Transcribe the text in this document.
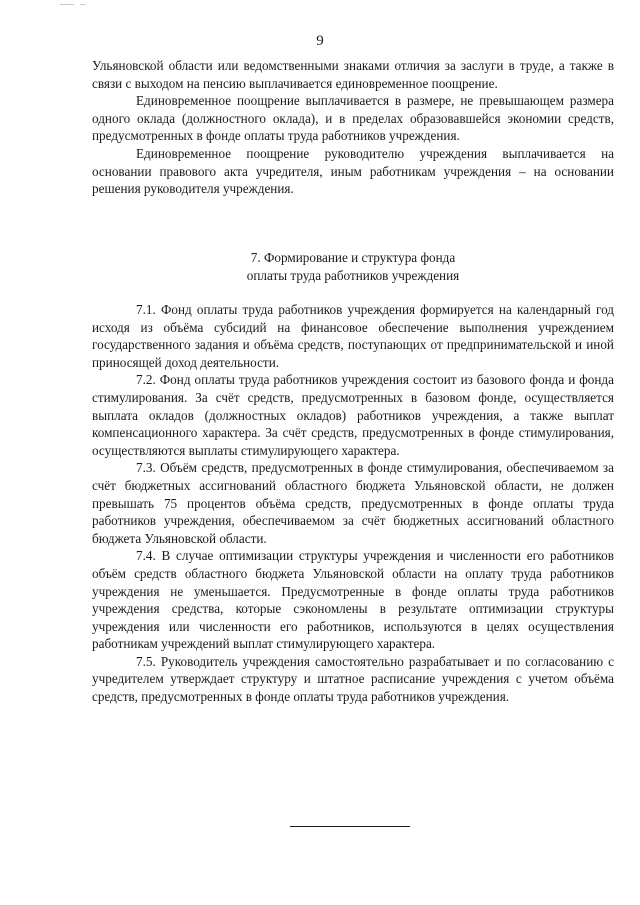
9

Ульяновской области или ведомственными знаками отличия за заслуги в труде, а также в связи с выходом на пенсию выплачивается единовременное поощрение.

Единовременное поощрение выплачивается в размере, не превышающем размера одного оклада (должностного оклада), и в пределах образовавшейся экономии средств, предусмотренных в фонде оплаты труда работников учреждения.

Единовременное поощрение руководителю учреждения выплачивается на основании правового акта учредителя, иным работникам учреждения – на основании решения руководителя учреждения.

7. Формирование и структура фонда
оплаты труда работников учреждения

7.1. Фонд оплаты труда работников учреждения формируется на календарный год исходя из объёма субсидий на финансовое обеспечение выполнения учреждением государственного задания и объёма средств, поступающих от предпринимательской и иной приносящей доход деятельности.

7.2. Фонд оплаты труда работников учреждения состоит из базового фонда и фонда стимулирования. За счёт средств, предусмотренных в базовом фонде, осуществляется выплата окладов (должностных окладов) работников учреждения, а также выплат компенсационного характера. За счёт средств, предусмотренных в фонде стимулирования, осуществляются выплаты стимулирующего характера.

7.3. Объём средств, предусмотренных в фонде стимулирования, обеспечиваемом за счёт бюджетных ассигнований областного бюджета Ульяновской области, не должен превышать 75 процентов объёма средств, предусмотренных в фонде оплаты труда работников учреждения, обеспечиваемом за счёт бюджетных ассигнований областного бюджета Ульяновской области.

7.4. В случае оптимизации структуры учреждения и численности его работников объём средств областного бюджета Ульяновской области на оплату труда работников учреждения не уменьшается. Предусмотренные в фонде оплаты труда работников учреждения средства, которые сэкономлены в результате оптимизации структуры учреждения или численности его работников, используются в целях осуществления работникам учреждений выплат стимулирующего характера.

7.5. Руководитель учреждения самостоятельно разрабатывает и по согласованию с учредителем утверждает структуру и штатное расписание учреждения с учетом объёма средств, предусмотренных в фонде оплаты труда работников учреждения.
